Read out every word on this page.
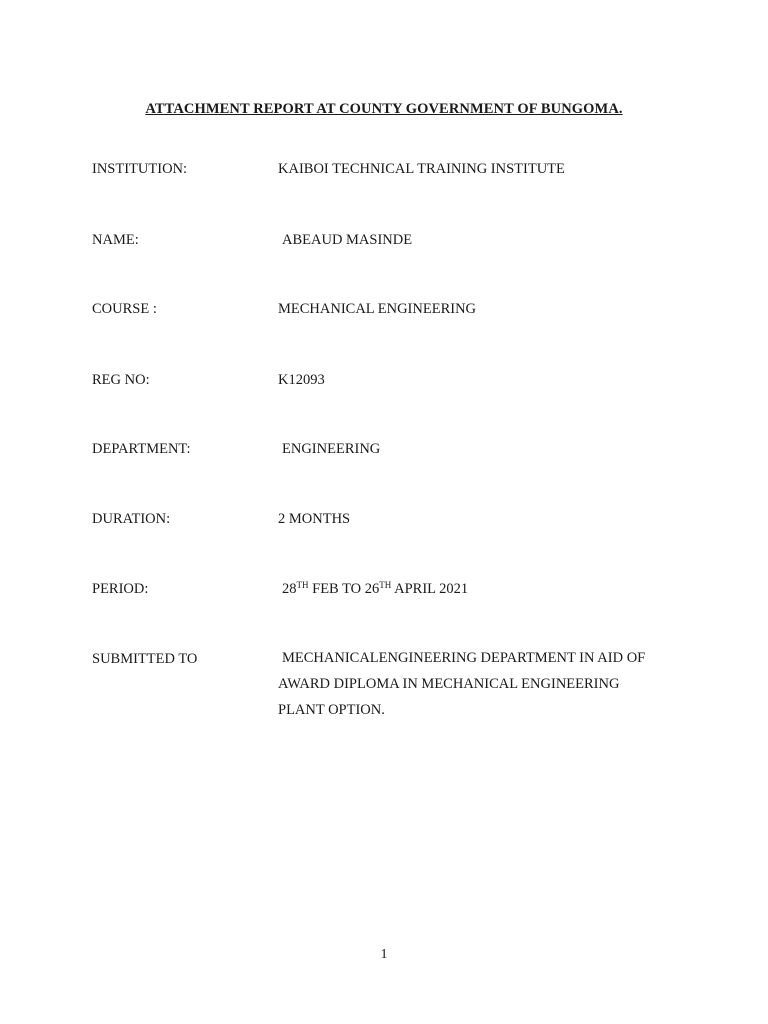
ATTACHMENT REPORT AT COUNTY GOVERNMENT OF BUNGOMA.
INSTITUTION:	KAIBOI TECHNICAL TRAINING INSTITUTE
NAME:	ABEAUD MASINDE
COURSE :	MECHANICAL ENGINEERING
REG NO:	K12093
DEPARTMENT:	ENGINEERING
DURATION:	2 MONTHS
PERIOD:	28TH FEB TO 26TH APRIL 2021
SUBMITTED TO	MECHANICALENGINEERING DEPARTMENT IN AID OF
AWARD DIPLOMA IN MECHANICAL ENGINEERING
PLANT OPTION.
1
